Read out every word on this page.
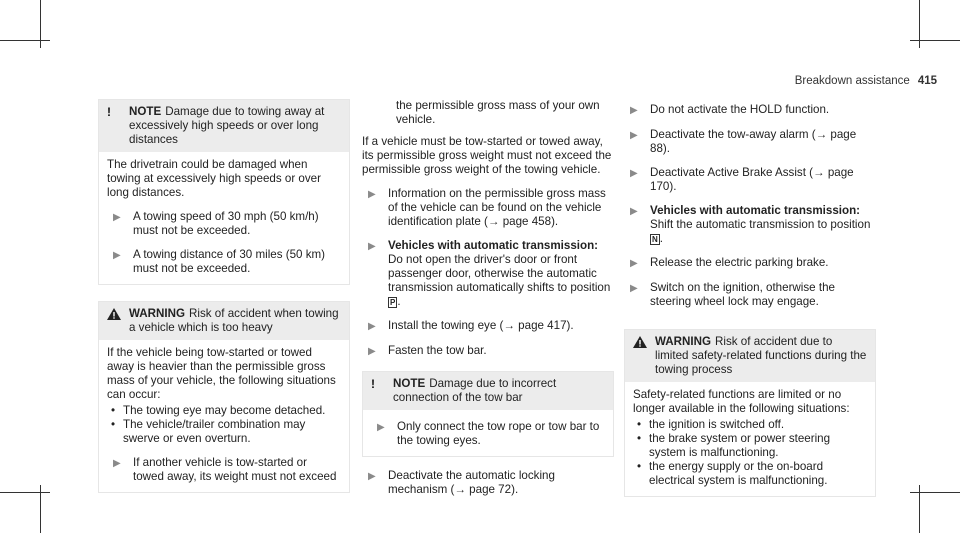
Breakdown assistance 415
!	NOTE Damage due to towing away at excessively high speeds or over long distances
The drivetrain could be damaged when towing at excessively high speeds or over long distances.
▶	A towing speed of 30 mph (50 km/h) must not be exceeded.
▶	A towing distance of 30 miles (50 km) must not be exceeded.
WARNING Risk of accident when towing a vehicle which is too heavy
If the vehicle being tow-started or towed away is heavier than the permissible gross mass of your vehicle, the following situations can occur:
• The towing eye may become detached.
• The vehicle/trailer combination may swerve or even overturn.
▶	If another vehicle is tow-started or towed away, its weight must not exceed
the permissible gross mass of your own vehicle.
If a vehicle must be tow-started or towed away, its permissible gross weight must not exceed the permissible gross weight of the towing vehicle.
▶	Information on the permissible gross mass of the vehicle can be found on the vehicle identification plate (→ page 458).
▶	Vehicles with automatic transmission: Do not open the driver's door or front passenger door, otherwise the automatic transmission automatically shifts to position P .
▶	Install the towing eye (→ page 417).
▶	Fasten the tow bar.
!	NOTE Damage due to incorrect connection of the tow bar
▶	Only connect the tow rope or tow bar to the towing eyes.
▶	Deactivate the automatic locking mechanism (→ page 72).
▶	Do not activate the HOLD function.
▶	Deactivate the tow-away alarm (→ page 88).
▶	Deactivate Active Brake Assist (→ page 170).
▶	Vehicles with automatic transmission: Shift the automatic transmission to position N .
▶	Release the electric parking brake.
▶	Switch on the ignition, otherwise the steering wheel lock may engage.
WARNING Risk of accident due to limited safety-related functions during the towing process
Safety-related functions are limited or no longer available in the following situations:
• the ignition is switched off.
• the brake system or power steering system is malfunctioning.
• the energy supply or the on-board electrical system is malfunctioning.
